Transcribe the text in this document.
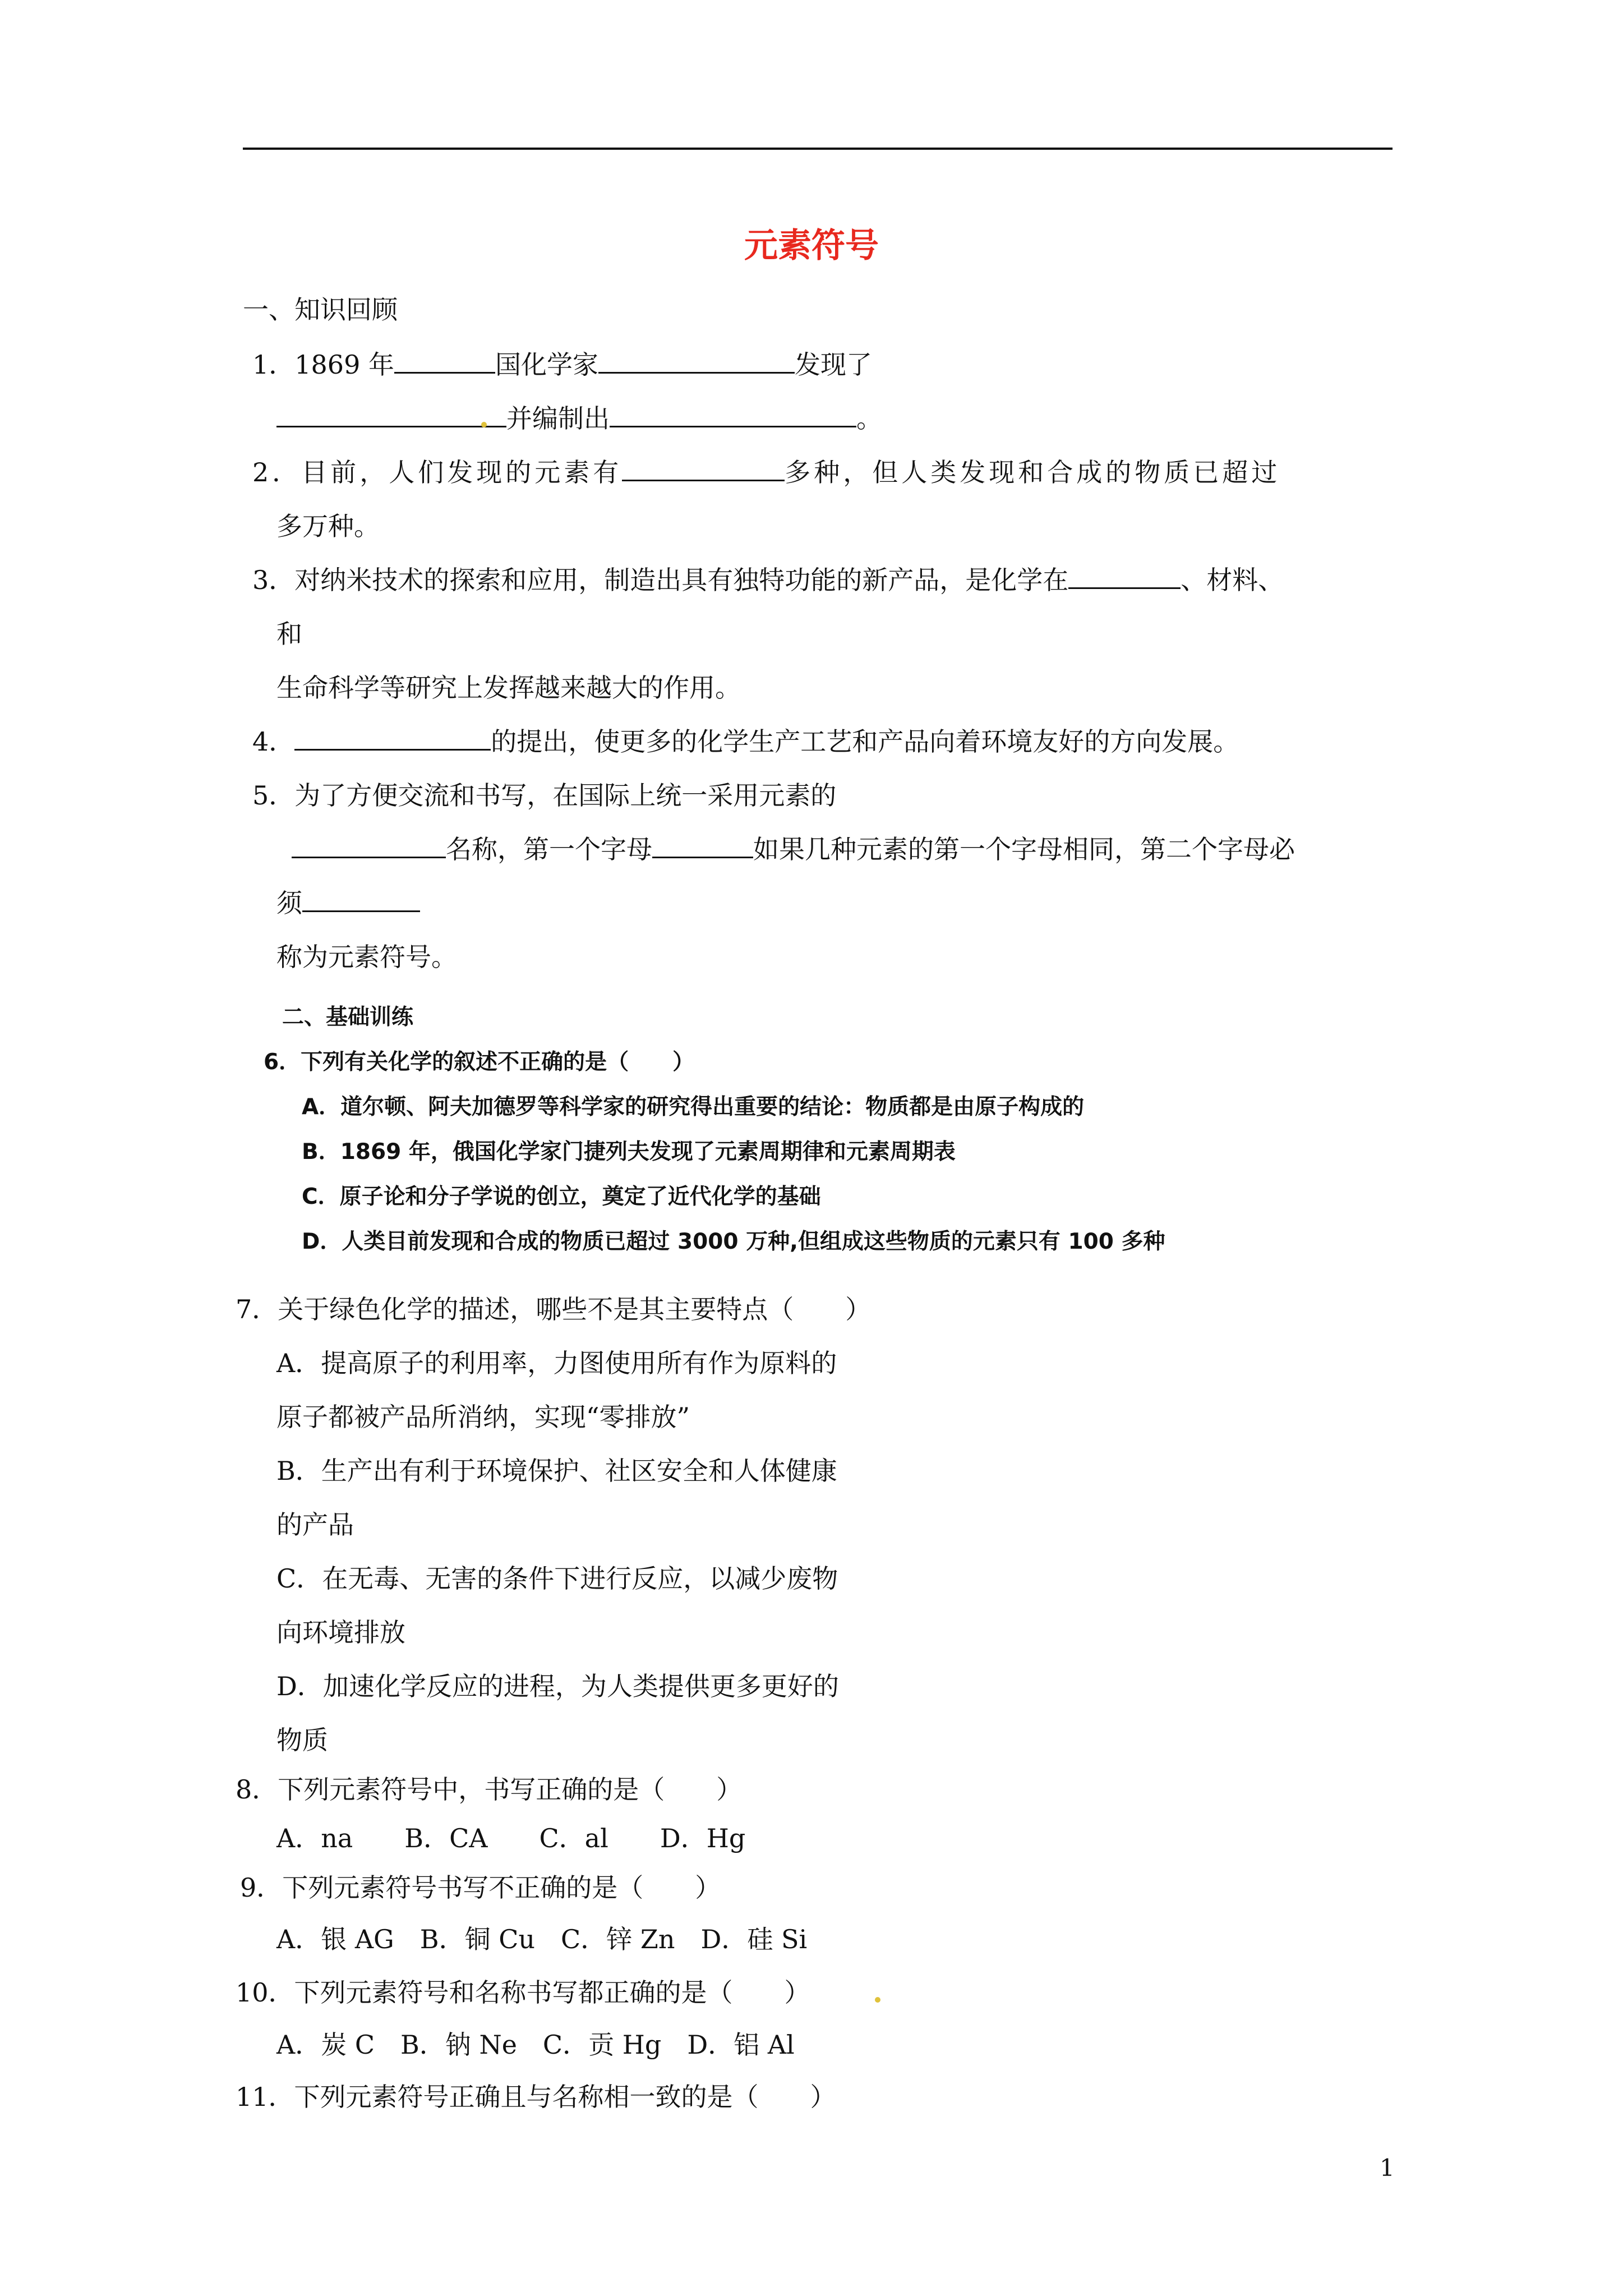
元素符号
一、知识回顾
1．1869 年	国化学家	发现了
并编制出	。
2．目前，人们发现的元素有	多种，但人类发现和合成的物质已超过
多万种。
3．对纳米技术的探索和应用，制造出具有独特功能的新产品，是化学在	、材料、
和
生命科学等研究上发挥越来越大的作用。
4．	的提出，使更多的化学生产工艺和产品向着环境友好的方向发展。
5．为了方便交流和书写，在国际上统一采用元素的
名称，第一个字母	如果几种元素的第一个字母相同，第二个字母必
须
称为元素符号。
二、基础训练
6．下列有关化学的叙述不正确的是（　　）
A．道尔顿、阿夫加德罗等科学家的研究得出重要的结论：物质都是由原子构成的
B．1869 年，俄国化学家门捷列夫发现了元素周期律和元素周期表
C．原子论和分子学说的创立，奠定了近代化学的基础
D．人类目前发现和合成的物质已超过 3000 万种,但组成这些物质的元素只有 100 多种
7．关于绿色化学的描述，哪些不是其主要特点（　　）
A．提高原子的利用率，力图使用所有作为原料的
原子都被产品所消纳，实现“零排放”
B．生产出有利于环境保护、社区安全和人体健康
的产品
C．在无毒、无害的条件下进行反应，以减少废物
向环境排放
D．加速化学反应的进程，为人类提供更多更好的
物质
8．下列元素符号中，书写正确的是（　　）
A．na　　B．CA　　C．al　　D．Hg
9．下列元素符号书写不正确的是（　　）
A．银 AG　B．铜 Cu　C．锌 Zn　D．硅 Si
10．下列元素符号和名称书写都正确的是（　　）
A．炭 C　B．钠 Ne　C．贡 Hg　D．铝 Al
11．下列元素符号正确且与名称相一致的是（　　）
1
